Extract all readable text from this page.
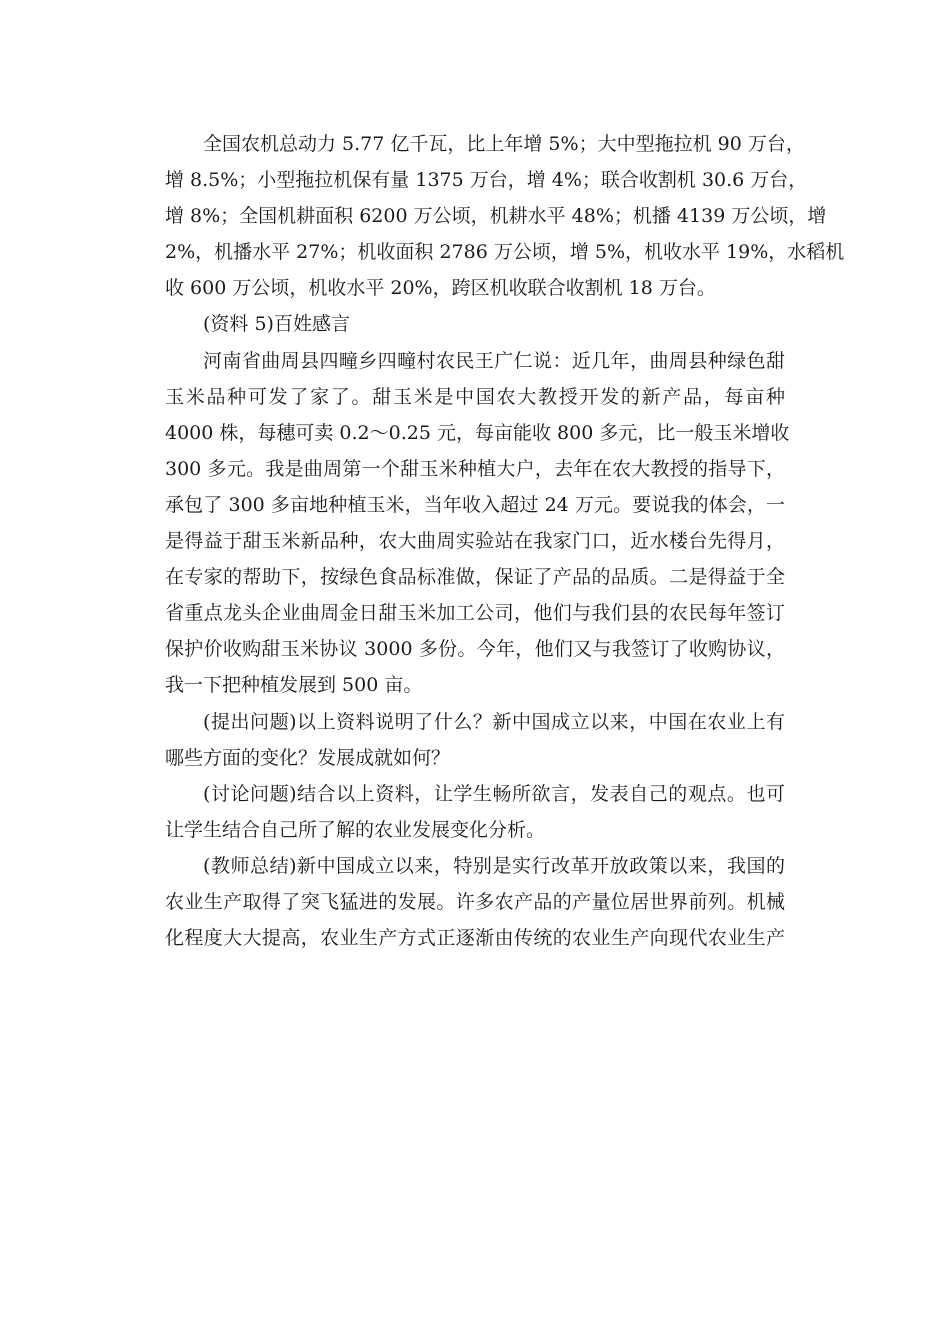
全国农机总动力 5.77 亿千瓦，比上年增 5%；大中型拖拉机 90 万台，
增 8.5%；小型拖拉机保有量 1375 万台，增 4%；联合收割机 30.6 万台，
增 8%；全国机耕面积 6200 万公顷，机耕水平 48%；机播 4139 万公顷，增
2%，机播水平 27%；机收面积 2786 万公顷，增 5%，机收水平 19%，水稻机
收 600 万公顷，机收水平 20%，跨区机收联合收割机 18 万台。
(资料 5)百姓感言
河南省曲周县四疃乡四疃村农民王广仁说：近几年，曲周县种绿色甜
玉米品种可发了家了。甜玉米是中国农大教授开发的新产品，每亩种
4000 株，每穗可卖 0.2～0.25 元，每亩能收 800 多元，比一般玉米增收
300 多元。我是曲周第一个甜玉米种植大户，去年在农大教授的指导下，
承包了 300 多亩地种植玉米，当年收入超过 24 万元。要说我的体会，一
是得益于甜玉米新品种，农大曲周实验站在我家门口，近水楼台先得月，
在专家的帮助下，按绿色食品标准做，保证了产品的品质。二是得益于全
省重点龙头企业曲周金日甜玉米加工公司，他们与我们县的农民每年签订
保护价收购甜玉米协议 3000 多份。今年，他们又与我签订了收购协议，
我一下把种植发展到 500 亩。
(提出问题)以上资料说明了什么？新中国成立以来，中国在农业上有
哪些方面的变化？发展成就如何？
(讨论问题)结合以上资料，让学生畅所欲言，发表自己的观点。也可
让学生结合自己所了解的农业发展变化分析。
(教师总结)新中国成立以来，特别是实行改革开放政策以来，我国的
农业生产取得了突飞猛进的发展。许多农产品的产量位居世界前列。机械
化程度大大提高，农业生产方式正逐渐由传统的农业生产向现代农业生产
